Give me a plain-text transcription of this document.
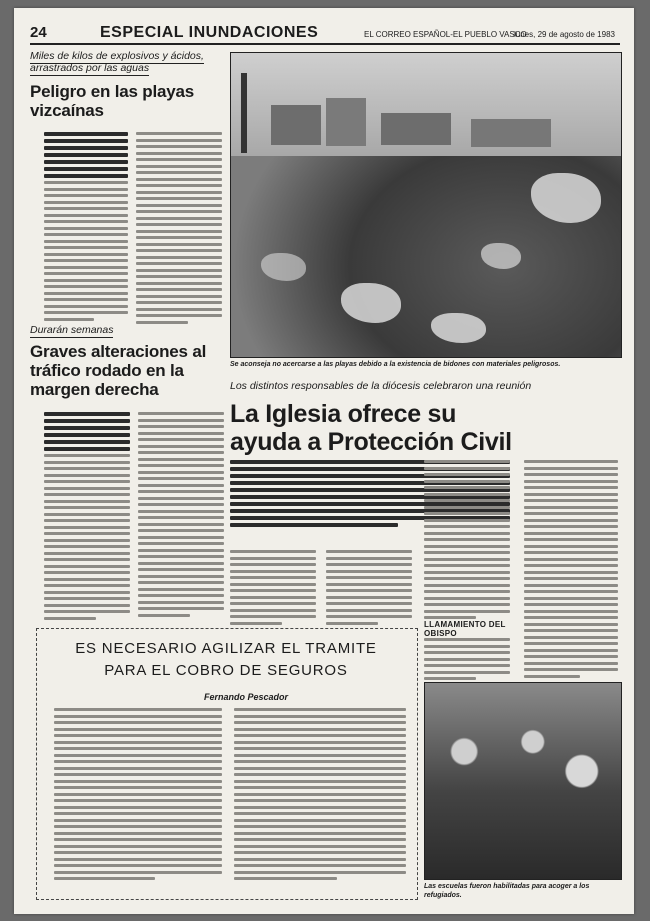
24	ESPECIAL INUNDACIONES	EL CORREO ESPAÑOL-EL PUEBLO VASCO
lunes, 29 de agosto de 1983
Miles de kilos de explosivos y ácidos, arrastrados por las aguas
Peligro en las playas vizcaínas
Se aconseja no acercarse a las playas debido a la existencia de bidones con materiales peligrosos.
Durarán semanas
Graves alteraciones al tráfico rodado en la margen derecha	Los distintos responsables de la diócesis celebraron una reunión
La Iglesia ofrece su ayuda a Protección Civil
LLAMAMIENTO DEL OBISPO
ES NECESARIO AGILIZAR EL TRAMITE
PARA EL COBRO DE SEGUROS
Fernando Pescador
Las escuelas fueron habilitadas para acoger a los refugiados.
